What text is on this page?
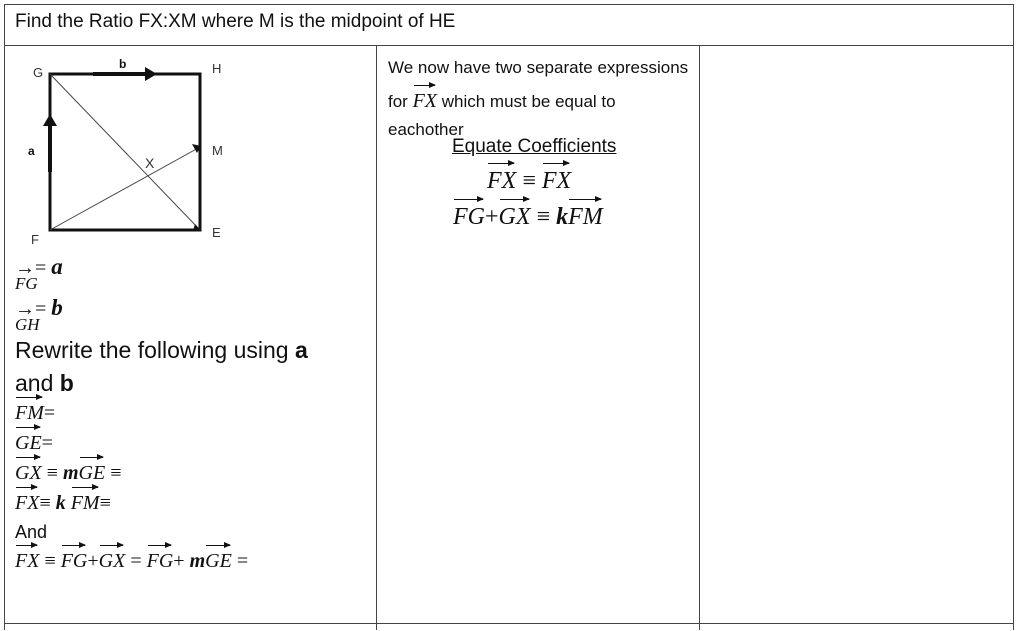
Find the Ratio FX:XM where M is the midpoint of HE
G	H
M
E
F
X
a
b
→= a
FG
→= b
GH
Rewrite the following using a
and b
FM=
GE=
GX ≡ mGE ≡
FX≡ k FM≡
And
FX ≡ FG+GX = FG+ mGE =
We now have two separate expressions for FX which must be equal to eachother
Equate Coefficients
FX ≡ FX
FG+GX ≡ kFM
